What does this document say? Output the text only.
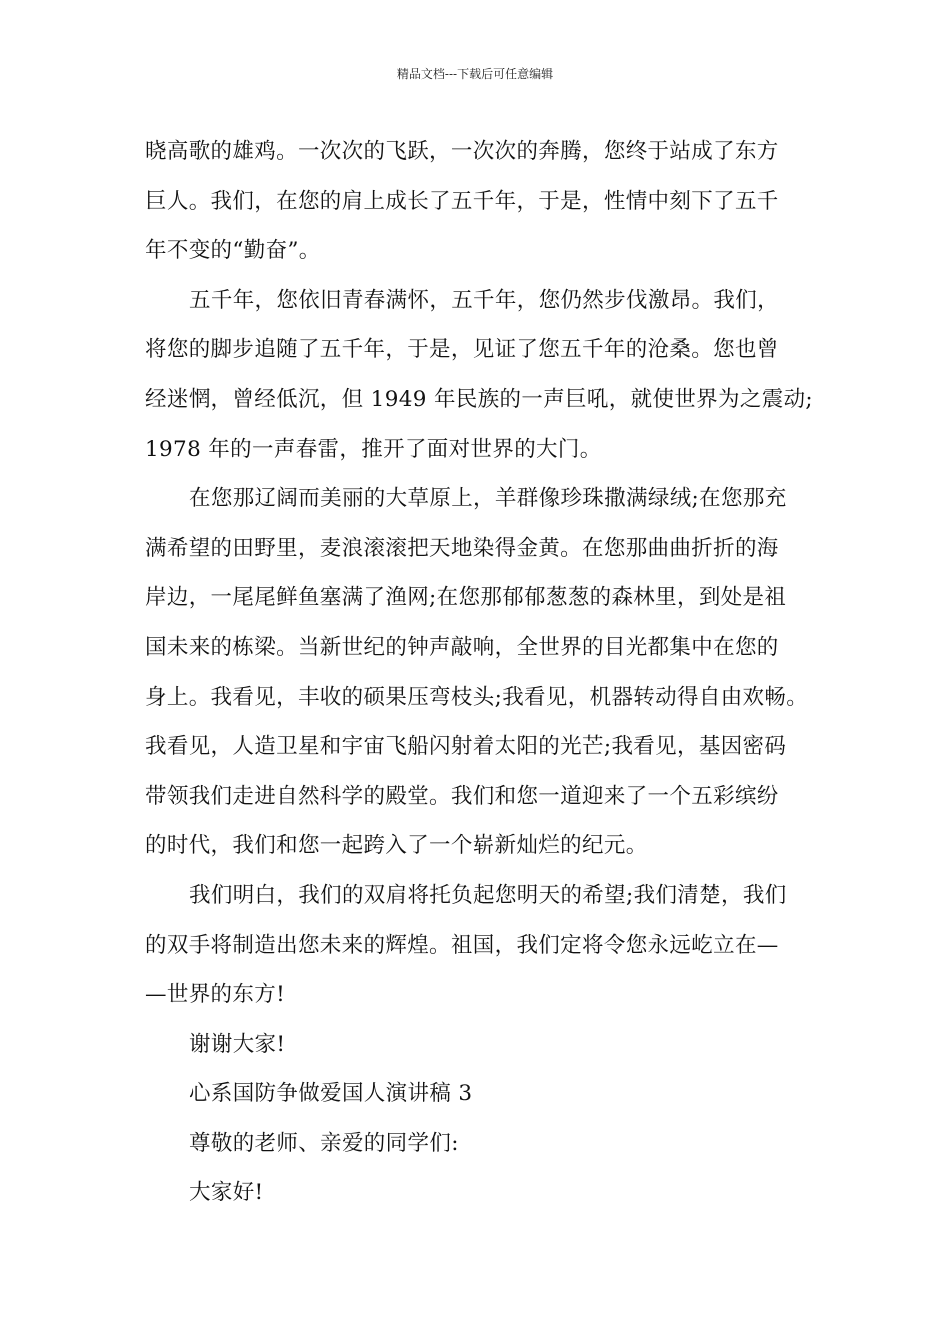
精品文档---下载后可任意编辑
晓高歌的雄鸡。一次次的飞跃，一次次的奔腾，您终于站成了东方
巨人。我们，在您的肩上成长了五千年，于是，性情中刻下了五千
年不变的“勤奋”。
五千年，您依旧青春满怀，五千年，您仍然步伐激昂。我们，
将您的脚步追随了五千年，于是，见证了您五千年的沧桑。您也曾
经迷惘，曾经低沉，但 1949 年民族的一声巨吼，就使世界为之震动;
1978 年的一声春雷，推开了面对世界的大门。
在您那辽阔而美丽的大草原上，羊群像珍珠撒满绿绒;在您那充
满希望的田野里，麦浪滚滚把天地染得金黄。在您那曲曲折折的海
岸边，一尾尾鲜鱼塞满了渔网;在您那郁郁葱葱的森林里，到处是祖
国未来的栋梁。当新世纪的钟声敲响，全世界的目光都集中在您的
身上。我看见，丰收的硕果压弯枝头;我看见，机器转动得自由欢畅。
我看见，人造卫星和宇宙飞船闪射着太阳的光芒;我看见，基因密码
带领我们走进自然科学的殿堂。我们和您一道迎来了一个五彩缤纷
的时代，我们和您一起跨入了一个崭新灿烂的纪元。
我们明白，我们的双肩将托负起您明天的希望;我们清楚，我们
的双手将制造出您未来的辉煌。祖国，我们定将令您永远屹立在—
—世界的东方!
谢谢大家!
心系国防争做爱国人演讲稿 3
尊敬的老师、亲爱的同学们:
大家好!
